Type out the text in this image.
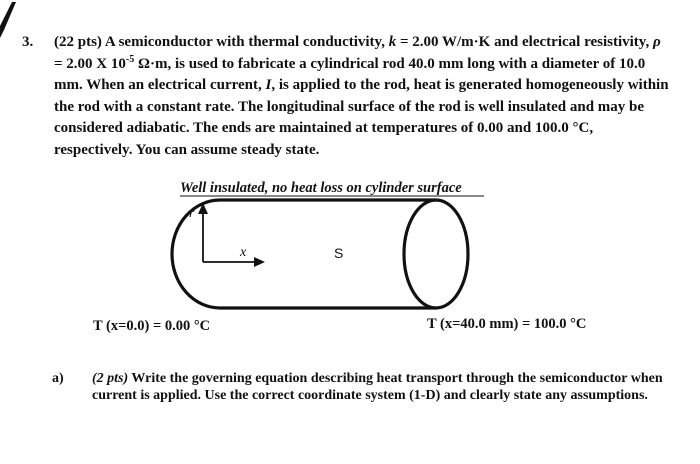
3. (22 pts) A semiconductor with thermal conductivity, k = 2.00 W/m·K and electrical resistivity, ρ = 2.00 X $10^{-5}$ Ω·m, is used to fabricate a cylindrical rod 40.0 mm long with a diameter of 10.0 mm. When an electrical current, I, is applied to the rod, heat is generated homogeneously within the rod with a constant rate. The longitudinal surface of the rod is well insulated and may be considered adiabatic. The ends are maintained at temperatures of 0.00 and 100.0 °C, respectively. You can assume steady state.
Well insulated, no heat loss on cylinder surface
r
x	S
T (x=0.0) = 0.00 °C	T (x=40.0 mm) = 100.0 °C
a) (2 pts) Write the governing equation describing heat transport through the semiconductor when current is applied. Use the correct coordinate system (1-D) and clearly state any assumptions.
